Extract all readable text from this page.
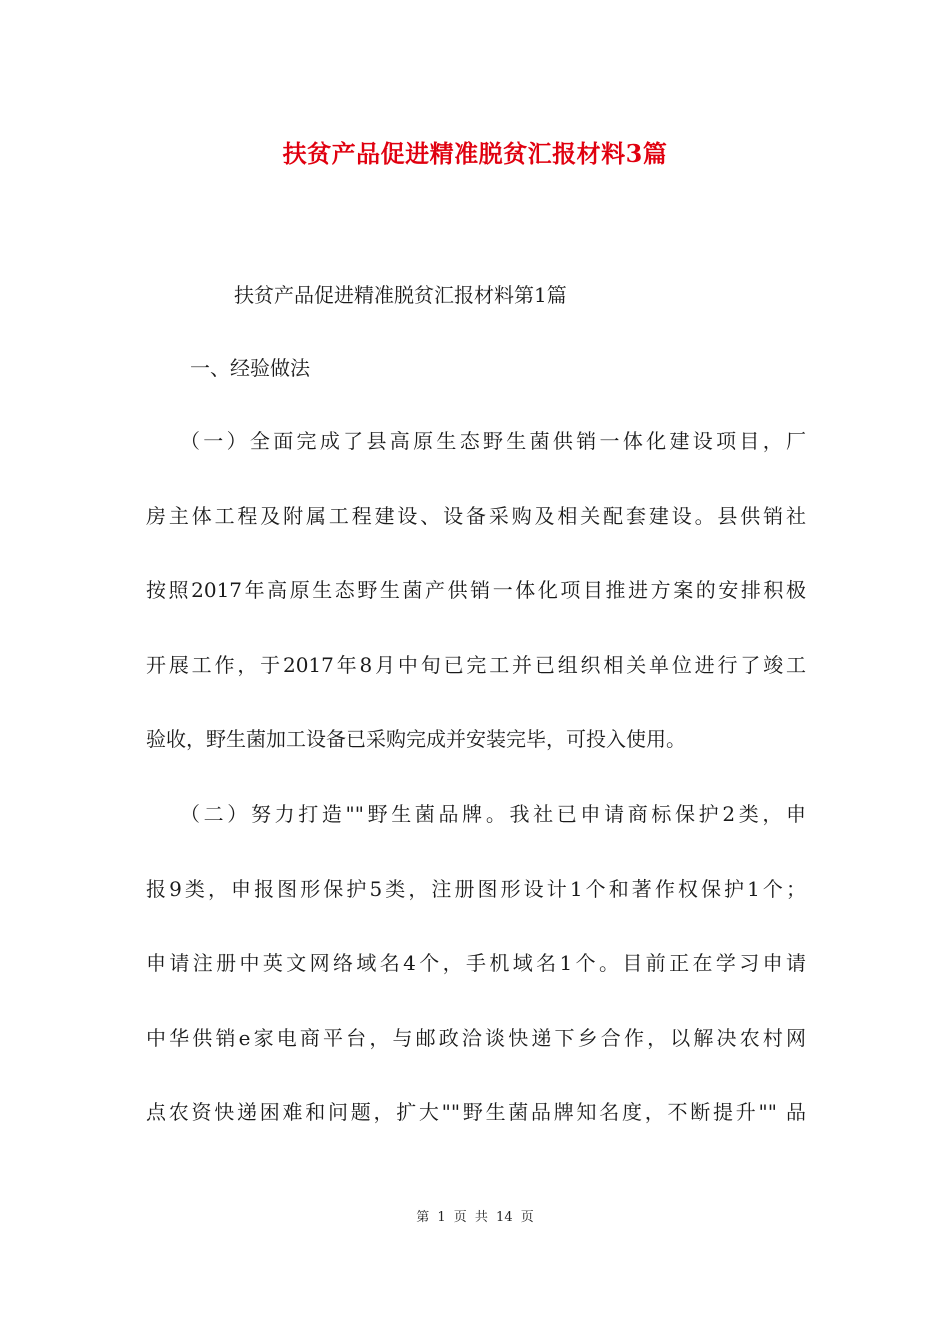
扶贫产品促进精准脱贫汇报材料3篇

扶贫产品促进精准脱贫汇报材料第1篇

一、经验做法

（一）全面完成了县高原生态野生菌供销一体化建设项目，厂
房主体工程及附属工程建设、设备采购及相关配套建设。县供销社
按照2017年高原生态野生菌产供销一体化项目推进方案的安排积极
开展工作，于2017年8月中旬已完工并已组织相关单位进行了竣工
验收，野生菌加工设备已采购完成并安装完毕，可投入使用。
（二）努力打造""野生菌品牌。我社已申请商标保护2类，申
报9类，申报图形保护5类，注册图形设计1个和著作权保护1个；
申请注册中英文网络域名4个，手机域名1个。目前正在学习申请
中华供销e家电商平台，与邮政洽谈快递下乡合作，以解决农村网
点农资快递困难和问题，扩大""野生菌品牌知名度，不断提升"" 品

第 1 页 共 14 页
